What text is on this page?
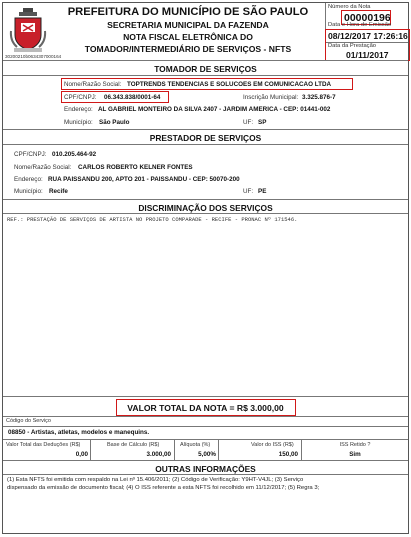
30200210b0634307000164
PREFEITURA DO MUNICÍPIO DE SÃO PAULO
SECRETARIA MUNICIPAL DA FAZENDA
NOTA FISCAL ELETRÔNICA DO
TOMADOR/INTERMEDIÁRIO DE SERVIÇOS - NFTS
Número da Nota
00000196
Data e Hora de Emissão
08/12/2017 17:26:16
Data da Prestação
01/11/2017
TOMADOR DE SERVIÇOS
Nome/Razão Social: TOPTRENDS TENDENCIAS E SOLUCOES EM COMUNICACAO LTDA
CPF/CNPJ: 06.343.838/0001-64	Inscrição Municipal: 3.325.876-7
Endereço: AL GABRIEL MONTEIRO DA SILVA 2407 - JARDIM AMERICA - CEP: 01441-002
Município: São Paulo	UF: SP
PRESTADOR DE SERVIÇOS
CPF/CNPJ: 010.205.464-92
Nome/Razão Social: CARLOS ROBERTO KELNER FONTES
Endereço: RUA PAISSANDU 200, APTO 201 - PAISSANDU - CEP: 50070-200
Município: Recife	UF: PE
DISCRIMINAÇÃO DOS SERVIÇOS
REF.: PRESTAÇÃO DE SERVIÇOS DE ARTISTA NO PROJETO COMPARADE - RECIFE - PRONAC Nº 171546.
VALOR TOTAL DA NOTA = R$ 3.000,00
Código do Serviço
08850 - Artistas, atletas, modelos e manequins.
Valor Total das Deduções (R$)
0,00
Base de Cálculo (R$)
3.000,00
Alíquota (%)
5,00%
Valor do ISS (R$)
150,00
ISS Retido ?
Sim
OUTRAS INFORMAÇÕES
(1) Esta NFTS foi emitida com respaldo na Lei nº 15.406/2011; (2) Código de Verificação: Y9HT-V4JL; (3) Serviço
dispensado da emissão de documento fiscal; (4) O ISS referente a esta NFTS foi recolhido em 11/12/2017; (5) Regra 3;
